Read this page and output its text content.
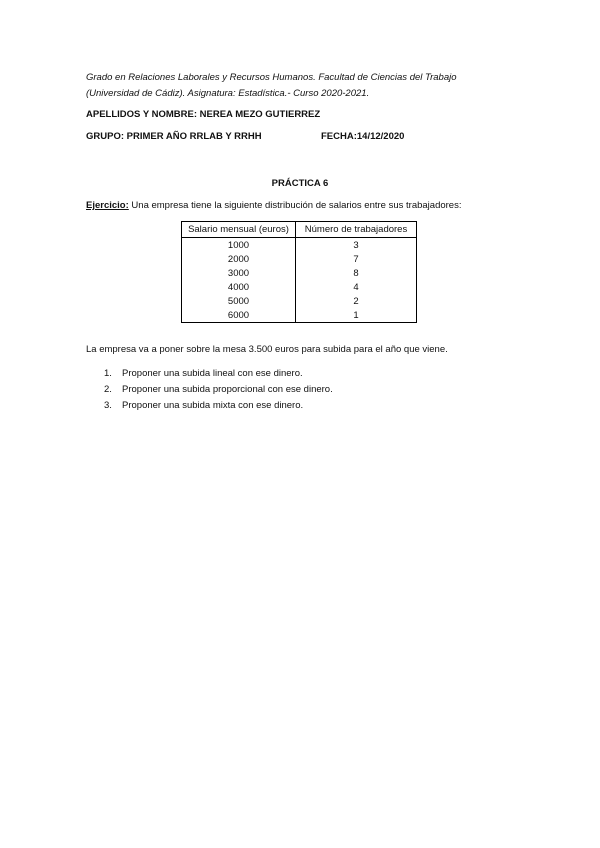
Grado en Relaciones Laborales y Recursos Humanos. Facultad de Ciencias del Trabajo
(Universidad de Cádiz). Asignatura: Estadística.- Curso 2020-2021.
APELLIDOS Y NOMBRE: NEREA MEZO GUTIERREZ
GRUPO: PRIMER AÑO RRLAB Y RRHH	FECHA:14/12/2020
PRÁCTICA 6
Ejercicio: Una empresa tiene la siguiente distribución de salarios entre sus trabajadores:
Salario mensual (euros)	Número de trabajadores
1000	3
2000	7
3000	8
4000	4
5000	2
6000	1
La empresa va a poner sobre la mesa 3.500 euros para subida para el año que viene.
1. Proponer una subida lineal con ese dinero.
2. Proponer una subida proporcional con ese dinero.
3. Proponer una subida mixta con ese dinero.
